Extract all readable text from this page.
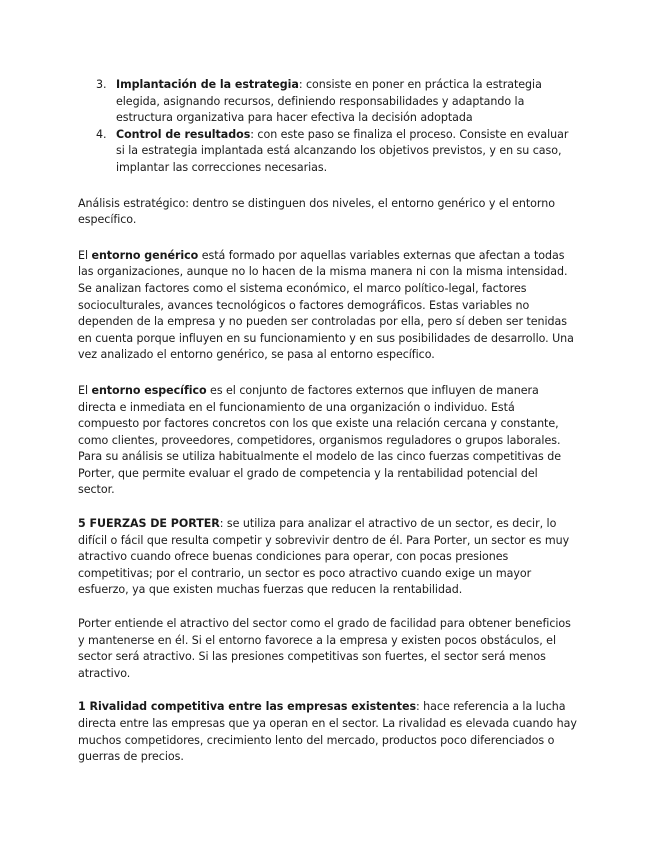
3. Implantación de la estrategia: consiste en poner en práctica la estrategia elegida, asignando recursos, definiendo responsabilidades y adaptando la estructura organizativa para hacer efectiva la decisión adoptada
4. Control de resultados: con este paso se finaliza el proceso. Consiste en evaluar si la estrategia implantada está alcanzando los objetivos previstos, y en su caso, implantar las correcciones necesarias.

Análisis estratégico: dentro se distinguen dos niveles, el entorno genérico y el entorno específico.

El entorno genérico está formado por aquellas variables externas que afectan a todas las organizaciones, aunque no lo hacen de la misma manera ni con la misma intensidad. Se analizan factores como el sistema económico, el marco político-legal, factores socioculturales, avances tecnológicos o factores demográficos. Estas variables no dependen de la empresa y no pueden ser controladas por ella, pero sí deben ser tenidas en cuenta porque influyen en su funcionamiento y en sus posibilidades de desarrollo. Una vez analizado el entorno genérico, se pasa al entorno específico.

El entorno específico es el conjunto de factores externos que influyen de manera directa e inmediata en el funcionamiento de una organización o individuo. Está compuesto por factores concretos con los que existe una relación cercana y constante, como clientes, proveedores, competidores, organismos reguladores o grupos laborales. Para su análisis se utiliza habitualmente el modelo de las cinco fuerzas competitivas de Porter, que permite evaluar el grado de competencia y la rentabilidad potencial del sector.

5 FUERZAS DE PORTER: se utiliza para analizar el atractivo de un sector, es decir, lo difícil o fácil que resulta competir y sobrevivir dentro de él. Para Porter, un sector es muy atractivo cuando ofrece buenas condiciones para operar, con pocas presiones competitivas; por el contrario, un sector es poco atractivo cuando exige un mayor esfuerzo, ya que existen muchas fuerzas que reducen la rentabilidad.

Porter entiende el atractivo del sector como el grado de facilidad para obtener beneficios y mantenerse en él. Si el entorno favorece a la empresa y existen pocos obstáculos, el sector será atractivo. Si las presiones competitivas son fuertes, el sector será menos atractivo.

1 Rivalidad competitiva entre las empresas existentes: hace referencia a la lucha directa entre las empresas que ya operan en el sector. La rivalidad es elevada cuando hay muchos competidores, crecimiento lento del mercado, productos poco diferenciados o guerras de precios.
